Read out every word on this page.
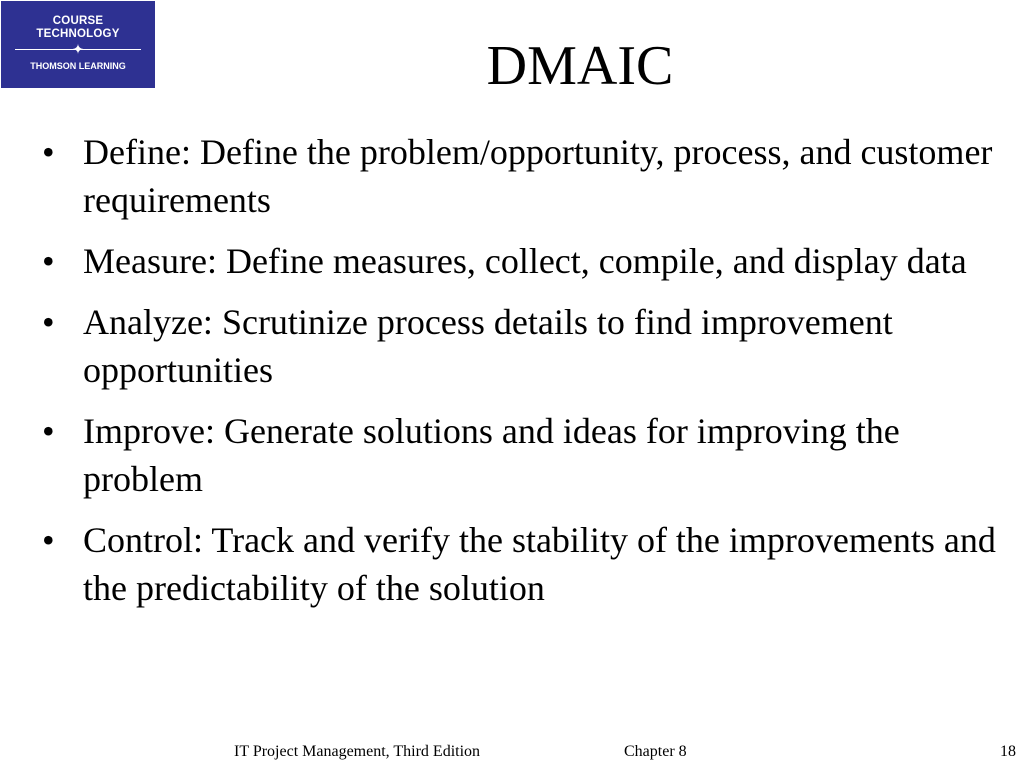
COURSE
TECHNOLOGY
✦
THOMSON LEARNING	DMAIC
• Define: Define the problem/opportunity, process, and customer requirements
• Measure: Define measures, collect, compile, and display data
• Analyze: Scrutinize process details to find improvement opportunities
• Improve: Generate solutions and ideas for improving the problem
• Control: Track and verify the stability of the improvements and the predictability of the solution
IT Project Management, Third Edition	Chapter 8	18
